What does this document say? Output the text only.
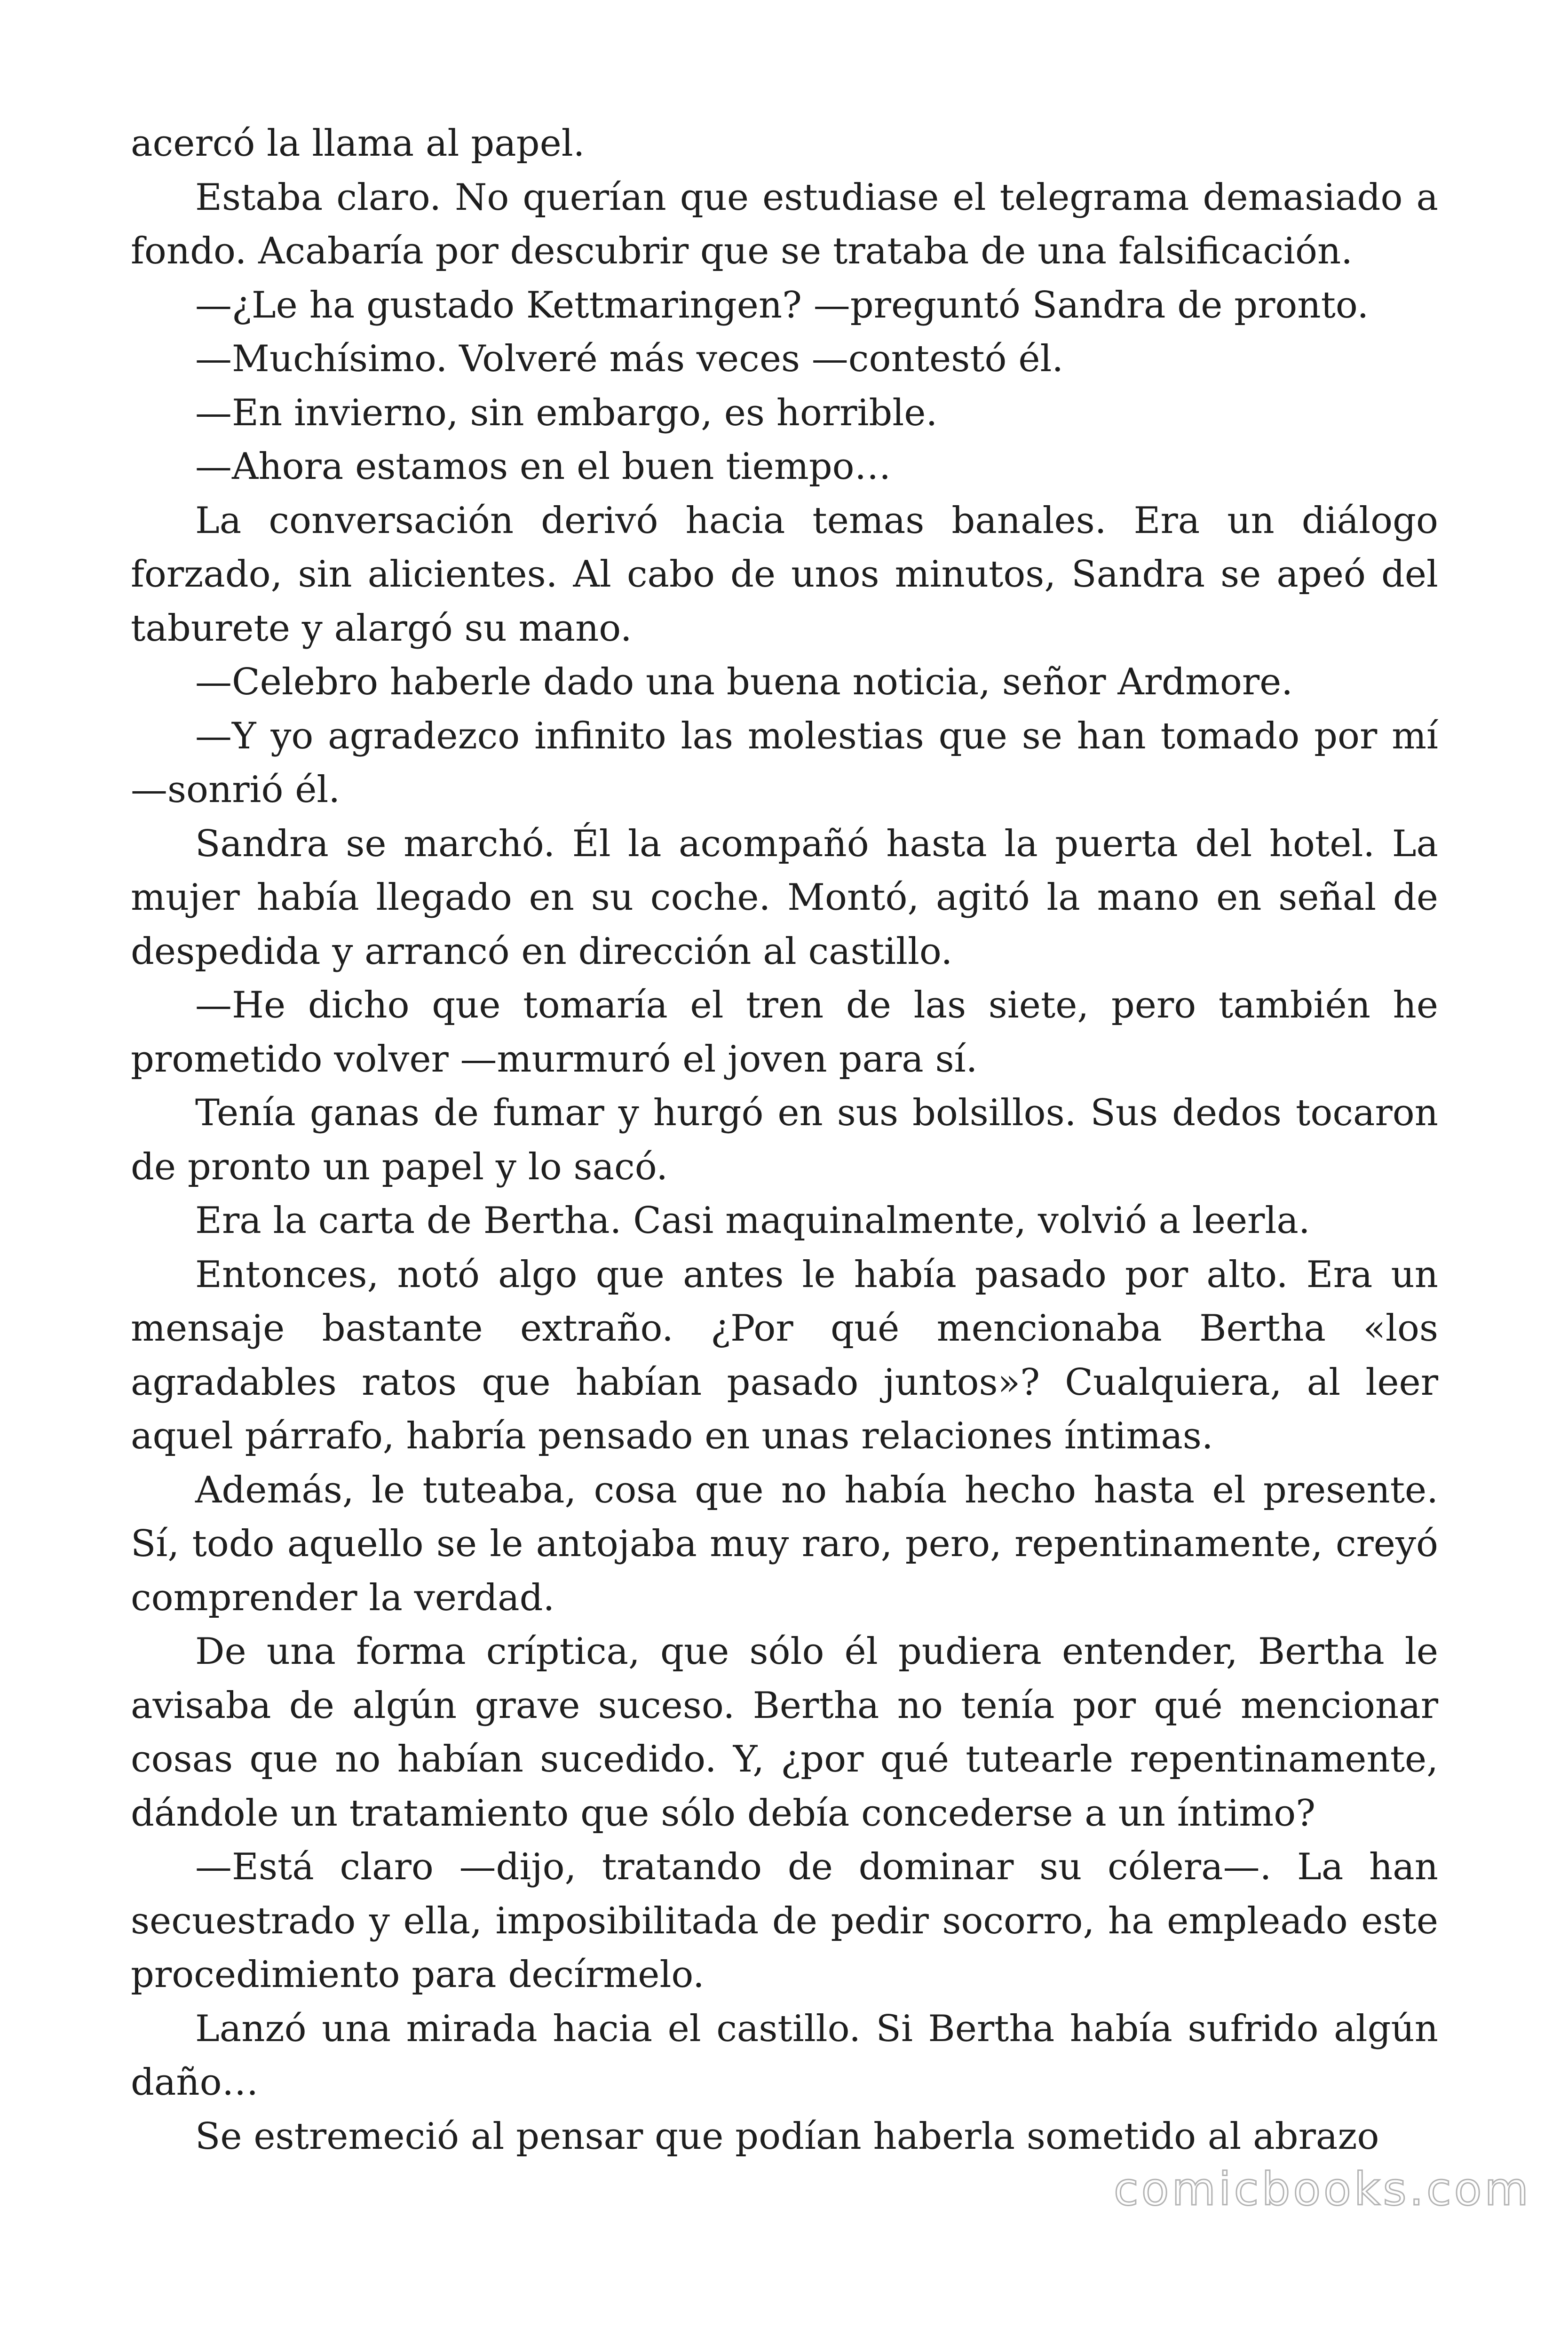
acercó la llama al papel.

Estaba claro. No querían que estudiase el telegrama demasiado a fondo. Acabaría por descubrir que se trataba de una falsificación.

—¿Le ha gustado Kettmaringen? —preguntó Sandra de pronto.

—Muchísimo. Volveré más veces —contestó él.

—En invierno, sin embargo, es horrible.

—Ahora estamos en el buen tiempo…

La conversación derivó hacia temas banales. Era un diálogo forzado, sin alicientes. Al cabo de unos minutos, Sandra se apeó del taburete y alargó su mano.

—Celebro haberle dado una buena noticia, señor Ardmore.

—Y yo agradezco infinito las molestias que se han tomado por mí —sonrió él.

Sandra se marchó. Él la acompañó hasta la puerta del hotel. La mujer había llegado en su coche. Montó, agitó la mano en señal de despedida y arrancó en dirección al castillo.

—He dicho que tomaría el tren de las siete, pero también he prometido volver —murmuró el joven para sí.

Tenía ganas de fumar y hurgó en sus bolsillos. Sus dedos tocaron de pronto un papel y lo sacó.

Era la carta de Bertha. Casi maquinalmente, volvió a leerla.

Entonces, notó algo que antes le había pasado por alto. Era un mensaje bastante extraño. ¿Por qué mencionaba Bertha «los agradables ratos que habían pasado juntos»? Cualquiera, al leer aquel párrafo, habría pensado en unas relaciones íntimas.

Además, le tuteaba, cosa que no había hecho hasta el presente. Sí, todo aquello se le antojaba muy raro, pero, repentinamente, creyó comprender la verdad.

De una forma críptica, que sólo él pudiera entender, Bertha le avisaba de algún grave suceso. Bertha no tenía por qué mencionar cosas que no habían sucedido. Y, ¿por qué tutearle repentinamente, dándole un tratamiento que sólo debía concederse a un íntimo?

—Está claro —dijo, tratando de dominar su cólera—. La han secuestrado y ella, imposibilitada de pedir socorro, ha empleado este procedimiento para decírmelo.

Lanzó una mirada hacia el castillo. Si Bertha había sufrido algún daño…

Se estremeció al pensar que podían haberla sometido al abrazo

comicbooks.com
